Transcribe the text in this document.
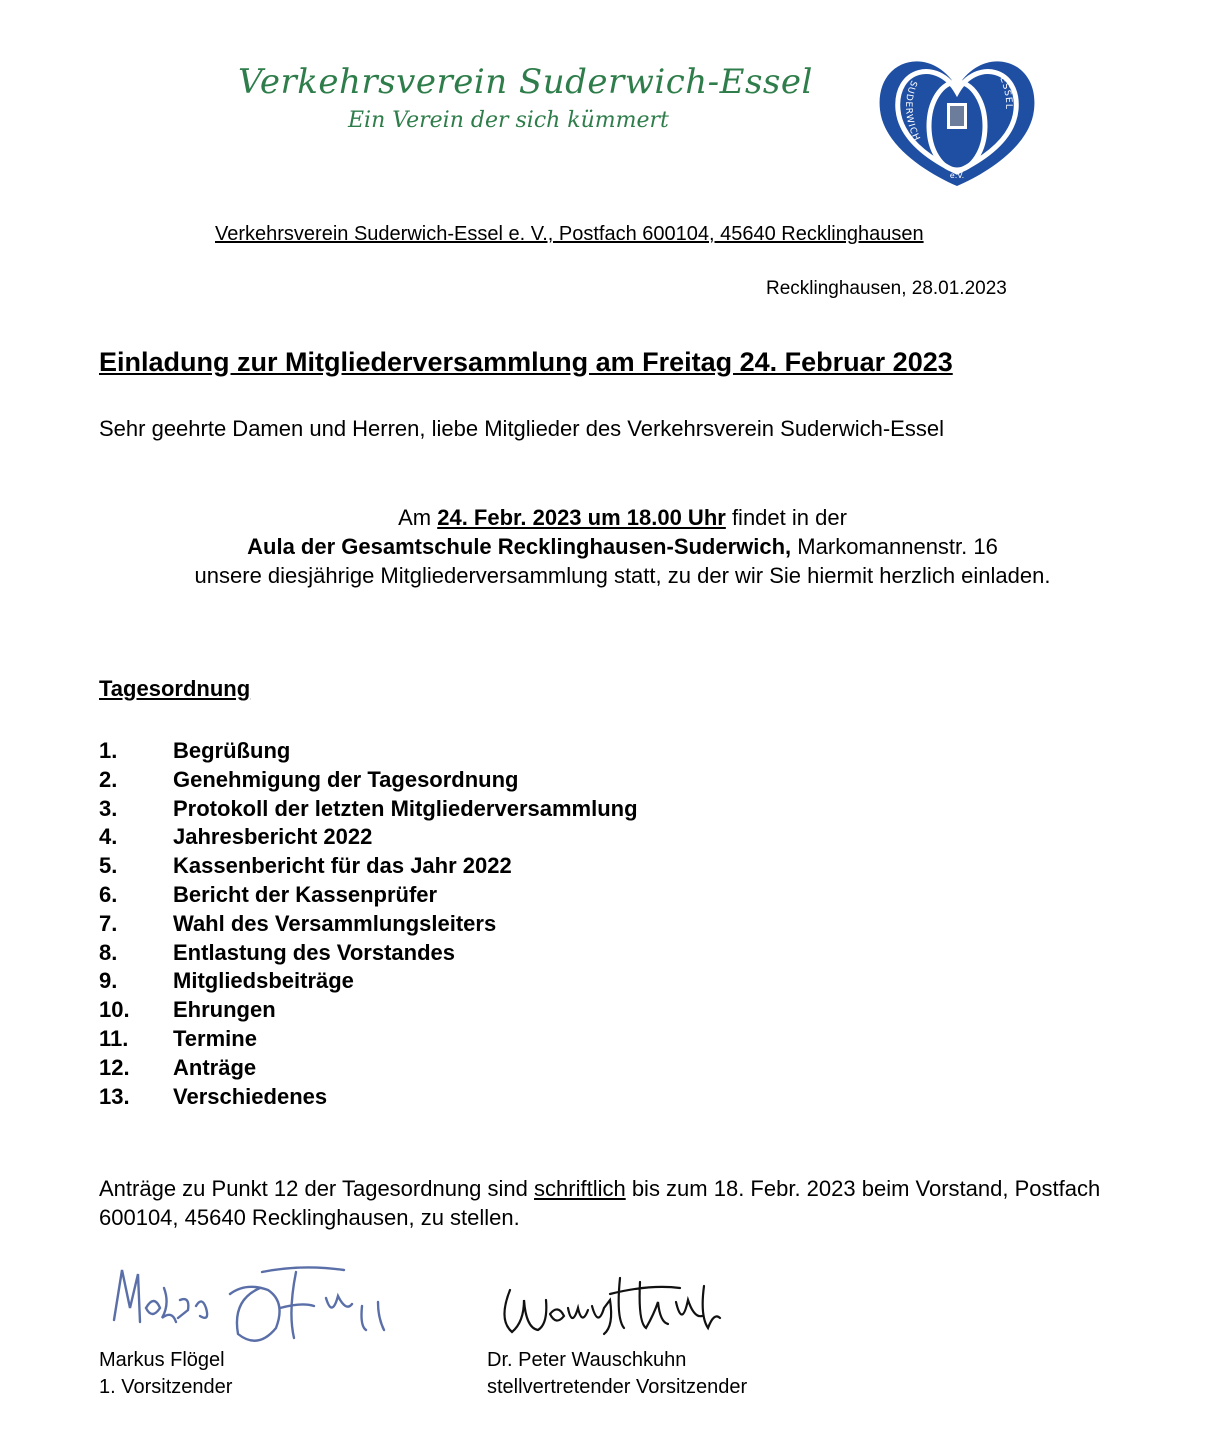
Verkehrsverein Suderwich-Essel
Ein Verein der sich kümmert
SUDERWICH
ESSEL
e.V.
Verkehrsverein Suderwich-Essel e. V., Postfach 600104, 45640 Recklinghausen
Recklinghausen, 28.01.2023
Einladung zur Mitgliederversammlung am Freitag 24. Februar 2023
Sehr geehrte Damen und Herren, liebe Mitglieder des Verkehrsverein Suderwich-Essel
Am 24. Febr. 2023 um 18.00 Uhr findet in der
Aula der Gesamtschule Recklinghausen-Suderwich, Markomannenstr. 16
unsere diesjährige Mitgliederversammlung statt, zu der wir Sie hiermit herzlich einladen.
Tagesordnung
1.	Begrüßung
2.	Genehmigung der Tagesordnung
3.	Protokoll der letzten Mitgliederversammlung
4.	Jahresbericht 2022
5.	Kassenbericht für das Jahr 2022
6.	Bericht der Kassenprüfer
7.	Wahl des Versammlungsleiters
8.	Entlastung des Vorstandes
9.	Mitgliedsbeiträge
10. Ehrungen
11. Termine
12. Anträge
13. Verschiedenes
Anträge zu Punkt 12 der Tagesordnung sind schriftlich bis zum 18. Febr. 2023 beim Vorstand, Postfach 600104, 45640 Recklinghausen, zu stellen.
Markus Flögel
1. Vorsitzender
Dr. Peter Wauschkuhn
stellvertretender Vorsitzender
